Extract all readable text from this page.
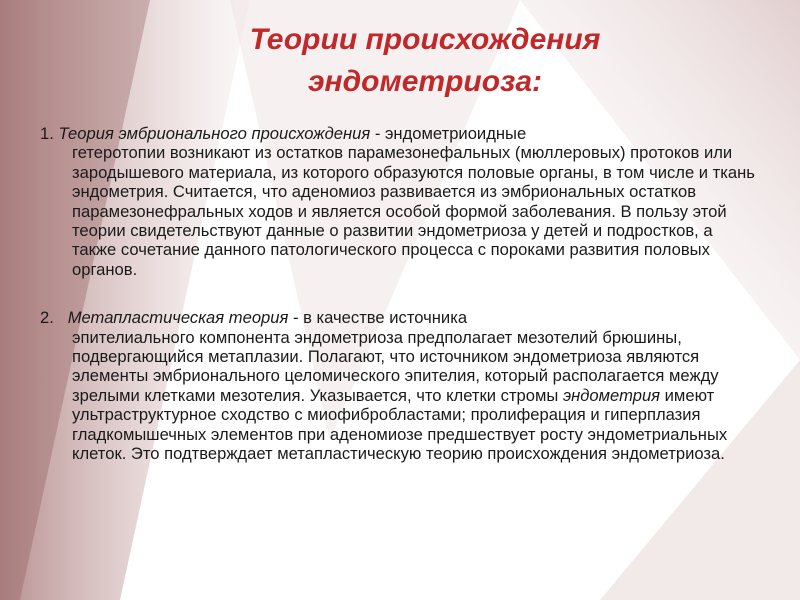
Теории происхождения
эндометриоза:
1. Теория эмбрионального происхождения - эндометриоидные
гетеротопии возникают из остатков парамезонефальных (мюллеровых) протоков или зародышевого материала, из которого образуются половые органы, в том числе и ткань эндометрия. Считается, что аденомиоз развивается из эмбриональных остатков парамезонефральных ходов и является особой формой заболевания. В пользу этой теории свидетельствуют данные о развитии эндометриоза у детей и подростков, а также сочетание данного патологического процесса с пороками развития половых органов.
2. Метапластическая теория - в качестве источника
эпителиального компонента эндометриоза предполагает мезотелий брюшины, подвергающийся метаплазии. Полагают, что источником эндометриоза являются элементы эмбрионального целомического эпителия, который располагается между зрелыми клетками мезотелия. Указывается, что клетки стромы эндометрия имеют ультраструктурное сходство с миофибробластами; пролиферация и гиперплазия гладкомышечных элементов при аденомиозе предшествует росту эндометриальных клеток. Это подтверждает метапластическую теорию происхождения эндометриоза.
